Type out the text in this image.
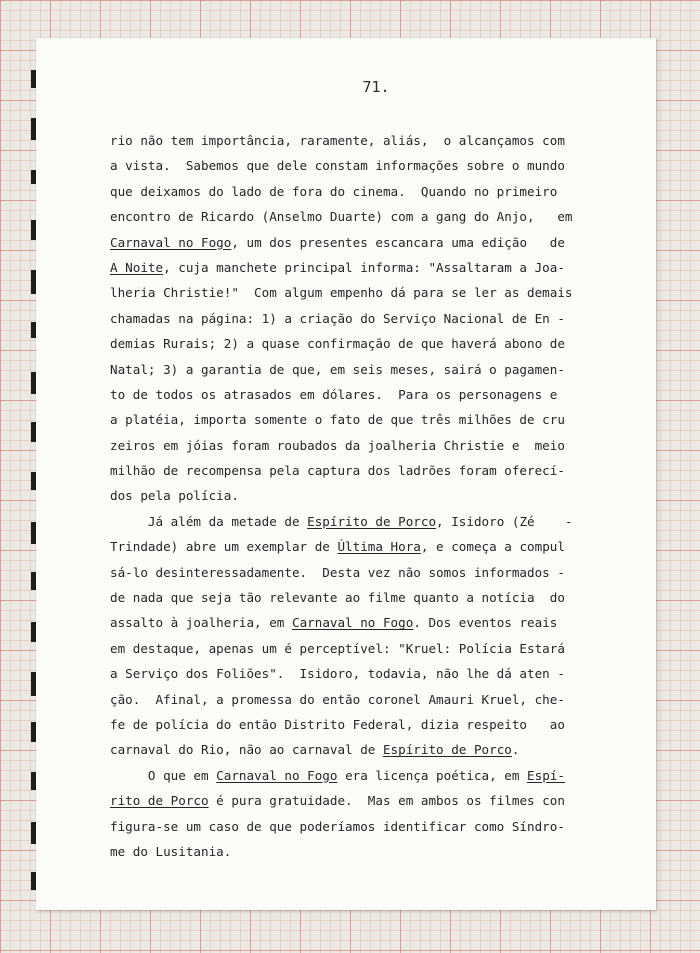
71.
rio não tem importância, raramente, aliás,  o alcançamos com
a vista.  Sabemos que dele constam informações sobre o mundo
que deixamos do lado de fora do cinema.  Quando no primeiro
encontro de Ricardo (Anselmo Duarte) com a gang do Anjo,   em
Carnaval no Fogo, um dos presentes escancara uma edição   de
A Noite, cuja manchete principal informa: "Assaltaram a Joa-
lheria Christie!"  Com algum empenho dá para se ler as demais
chamadas na página: 1) a criação do Serviço Nacional de En -
demias Rurais; 2) a quase confirmação de que haverá abono de
Natal; 3) a garantia de que, em seis meses, sairá o pagamen-
to de todos os atrasados em dólares.  Para os personagens e
a platéia, importa somente o fato de que três milhões de cru
zeiros em jóias foram roubados da joalheria Christie e  meio
milhão de recompensa pela captura dos ladrões foram oferecí-
dos pela polícia.
Já além da metade de Espírito de Porco, Isidoro (Zé    -
Trindade) abre um exemplar de Última Hora, e começa a compul
sá-lo desinteressadamente.  Desta vez não somos informados -
de nada que seja tão relevante ao filme quanto a notícia  do
assalto à joalheria, em Carnaval no Fogo. Dos eventos reais
em destaque, apenas um é perceptível: "Kruel: Polícia Estará
a Serviço dos Foliões".  Isidoro, todavia, não lhe dá aten -
ção.  Afinal, a promessa do então coronel Amauri Kruel, che-
fe de polícia do então Distrito Federal, dizia respeito   ao
carnaval do Rio, não ao carnaval de Espírito de Porco.
O que em Carnaval no Fogo era licença poética, em Espí-
rito de Porco é pura gratuidade.  Mas em ambos os filmes con
figura-se um caso de que poderíamos identificar como Síndro-
me do Lusitania.
